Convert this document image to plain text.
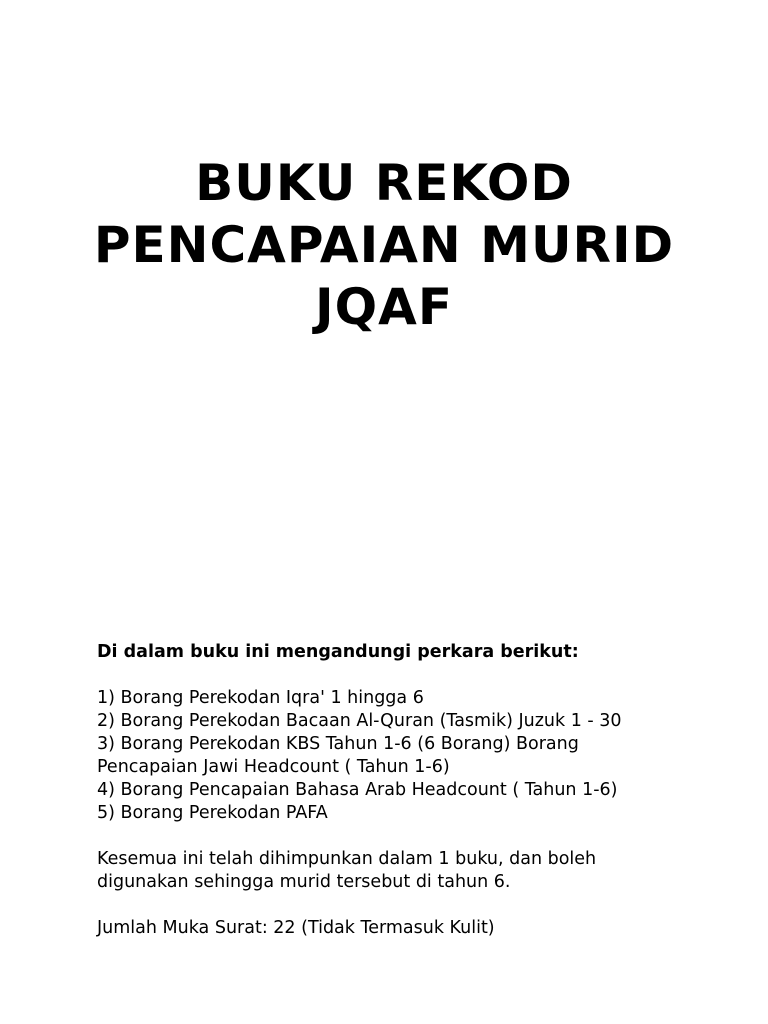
BUKU REKOD
PENCAPAIAN MURID
JQAF

Di dalam buku ini mengandungi perkara berikut:

1) Borang Perekodan Iqra' 1 hingga 6
2) Borang Perekodan Bacaan Al-Quran (Tasmik) Juzuk 1 - 30
3) Borang Perekodan KBS Tahun 1-6 (6 Borang) Borang Pencapaian Jawi Headcount ( Tahun 1-6)
4) Borang Pencapaian Bahasa Arab Headcount ( Tahun 1-6)
5) Borang Perekodan PAFA

Kesemua ini telah dihimpunkan dalam 1 buku, dan boleh digunakan sehingga murid tersebut di tahun 6.

Jumlah Muka Surat: 22 (Tidak Termasuk Kulit)
